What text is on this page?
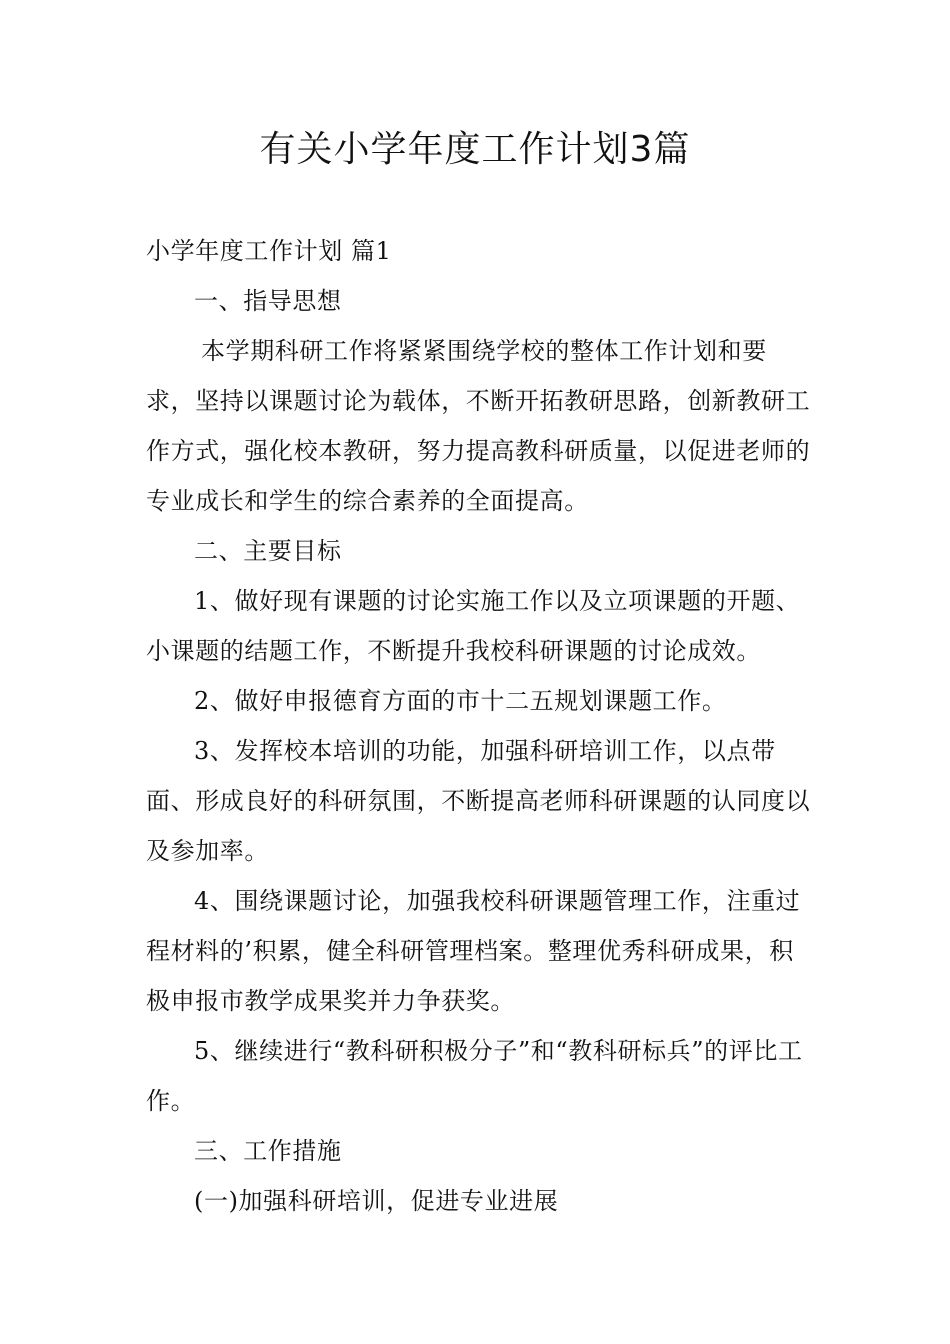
有关小学年度工作计划3篇

小学年度工作计划 篇1

一、指导思想

本学期科研工作将紧紧围绕学校的整体工作计划和要求，坚持以课题讨论为载体，不断开拓教研思路，创新教研工作方式，强化校本教研，努力提高教科研质量，以促进老师的专业成长和学生的综合素养的全面提高。

二、主要目标

1、做好现有课题的讨论实施工作以及立项课题的开题、小课题的结题工作，不断提升我校科研课题的讨论成效。

2、做好申报德育方面的市十二五规划课题工作。

3、发挥校本培训的功能，加强科研培训工作，以点带面、形成良好的科研氛围，不断提高老师科研课题的认同度以及参加率。

4、围绕课题讨论，加强我校科研课题管理工作，注重过程材料的’积累，健全科研管理档案。整理优秀科研成果，积极申报市教学成果奖并力争获奖。

5、继续进行“教科研积极分子”和“教科研标兵”的评比工作。

三、工作措施

(一)加强科研培训，促进专业进展
